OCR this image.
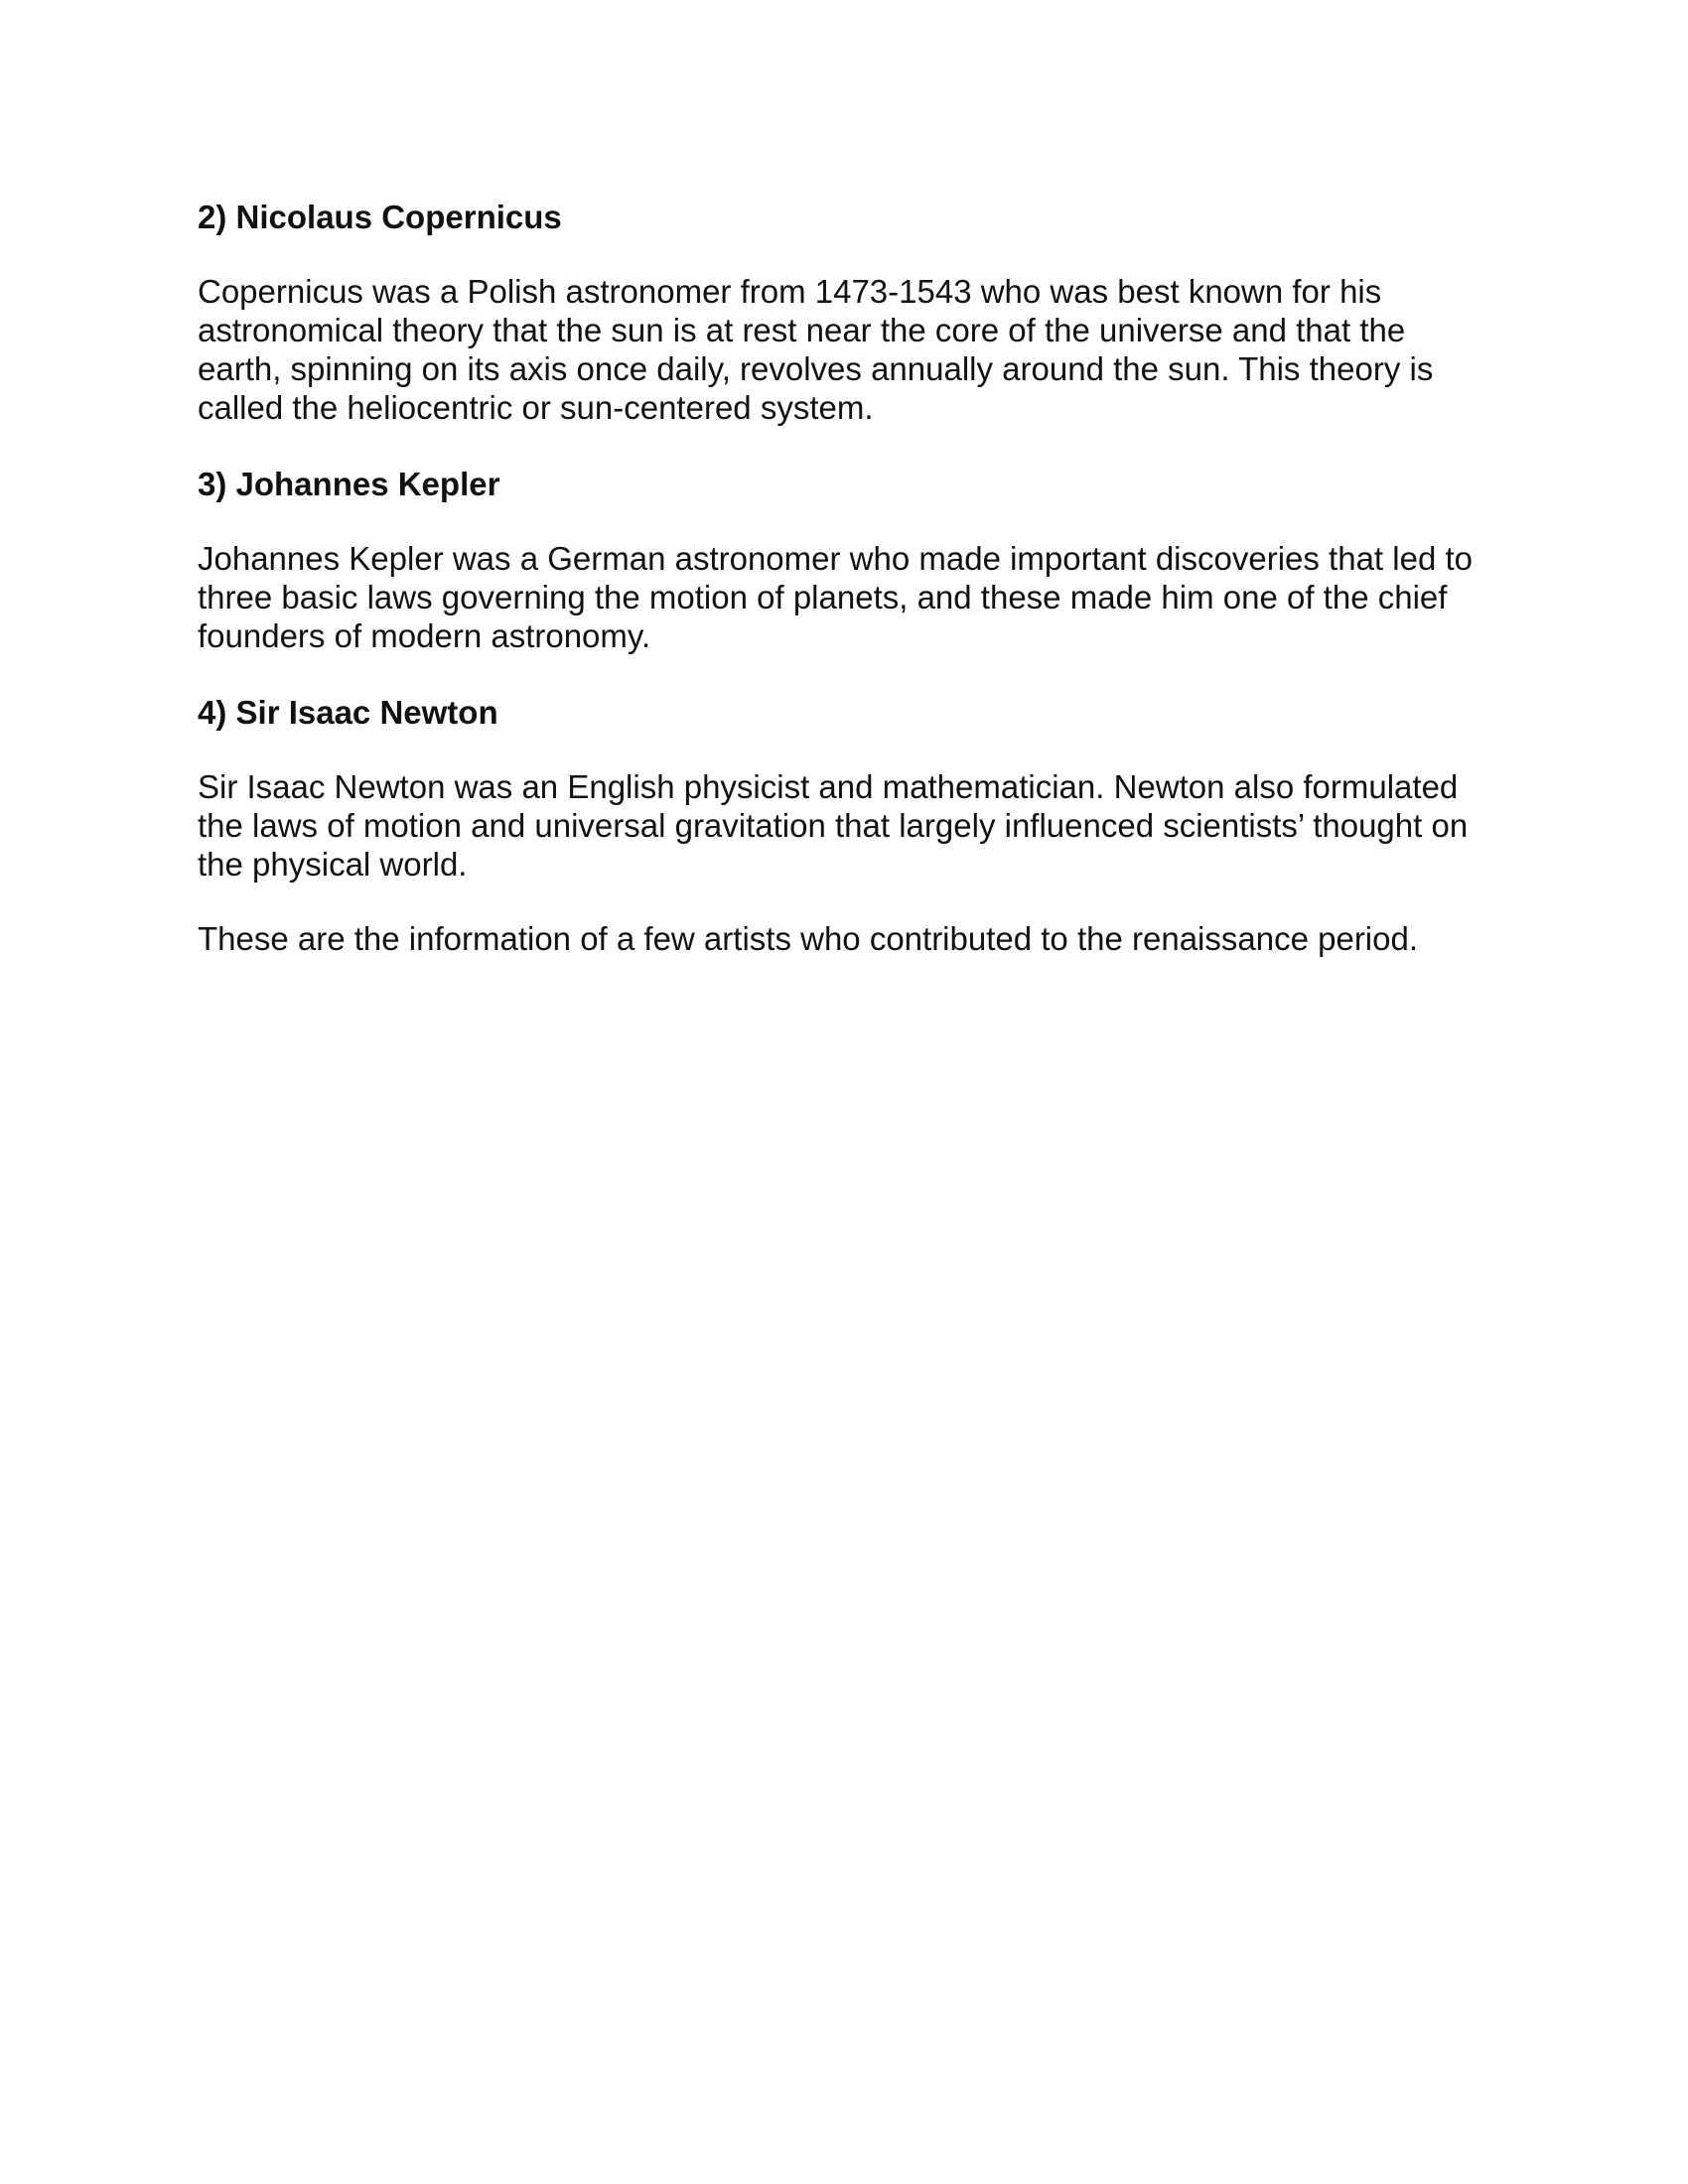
2) Nicolaus Copernicus
Copernicus was a Polish astronomer from 1473-1543 who was best known for his
astronomical theory that the sun is at rest near the core of the universe and that the
earth, spinning on its axis once daily, revolves annually around the sun. This theory is
called the heliocentric or sun-centered system.
3) Johannes Kepler
Johannes Kepler was a German astronomer who made important discoveries that led to
three basic laws governing the motion of planets, and these made him one of the chief
founders of modern astronomy.
4) Sir Isaac Newton
Sir Isaac Newton was an English physicist and mathematician. Newton also formulated
the laws of motion and universal gravitation that largely influenced scientists’ thought on
the physical world.
These are the information of a few artists who contributed to the renaissance period.
